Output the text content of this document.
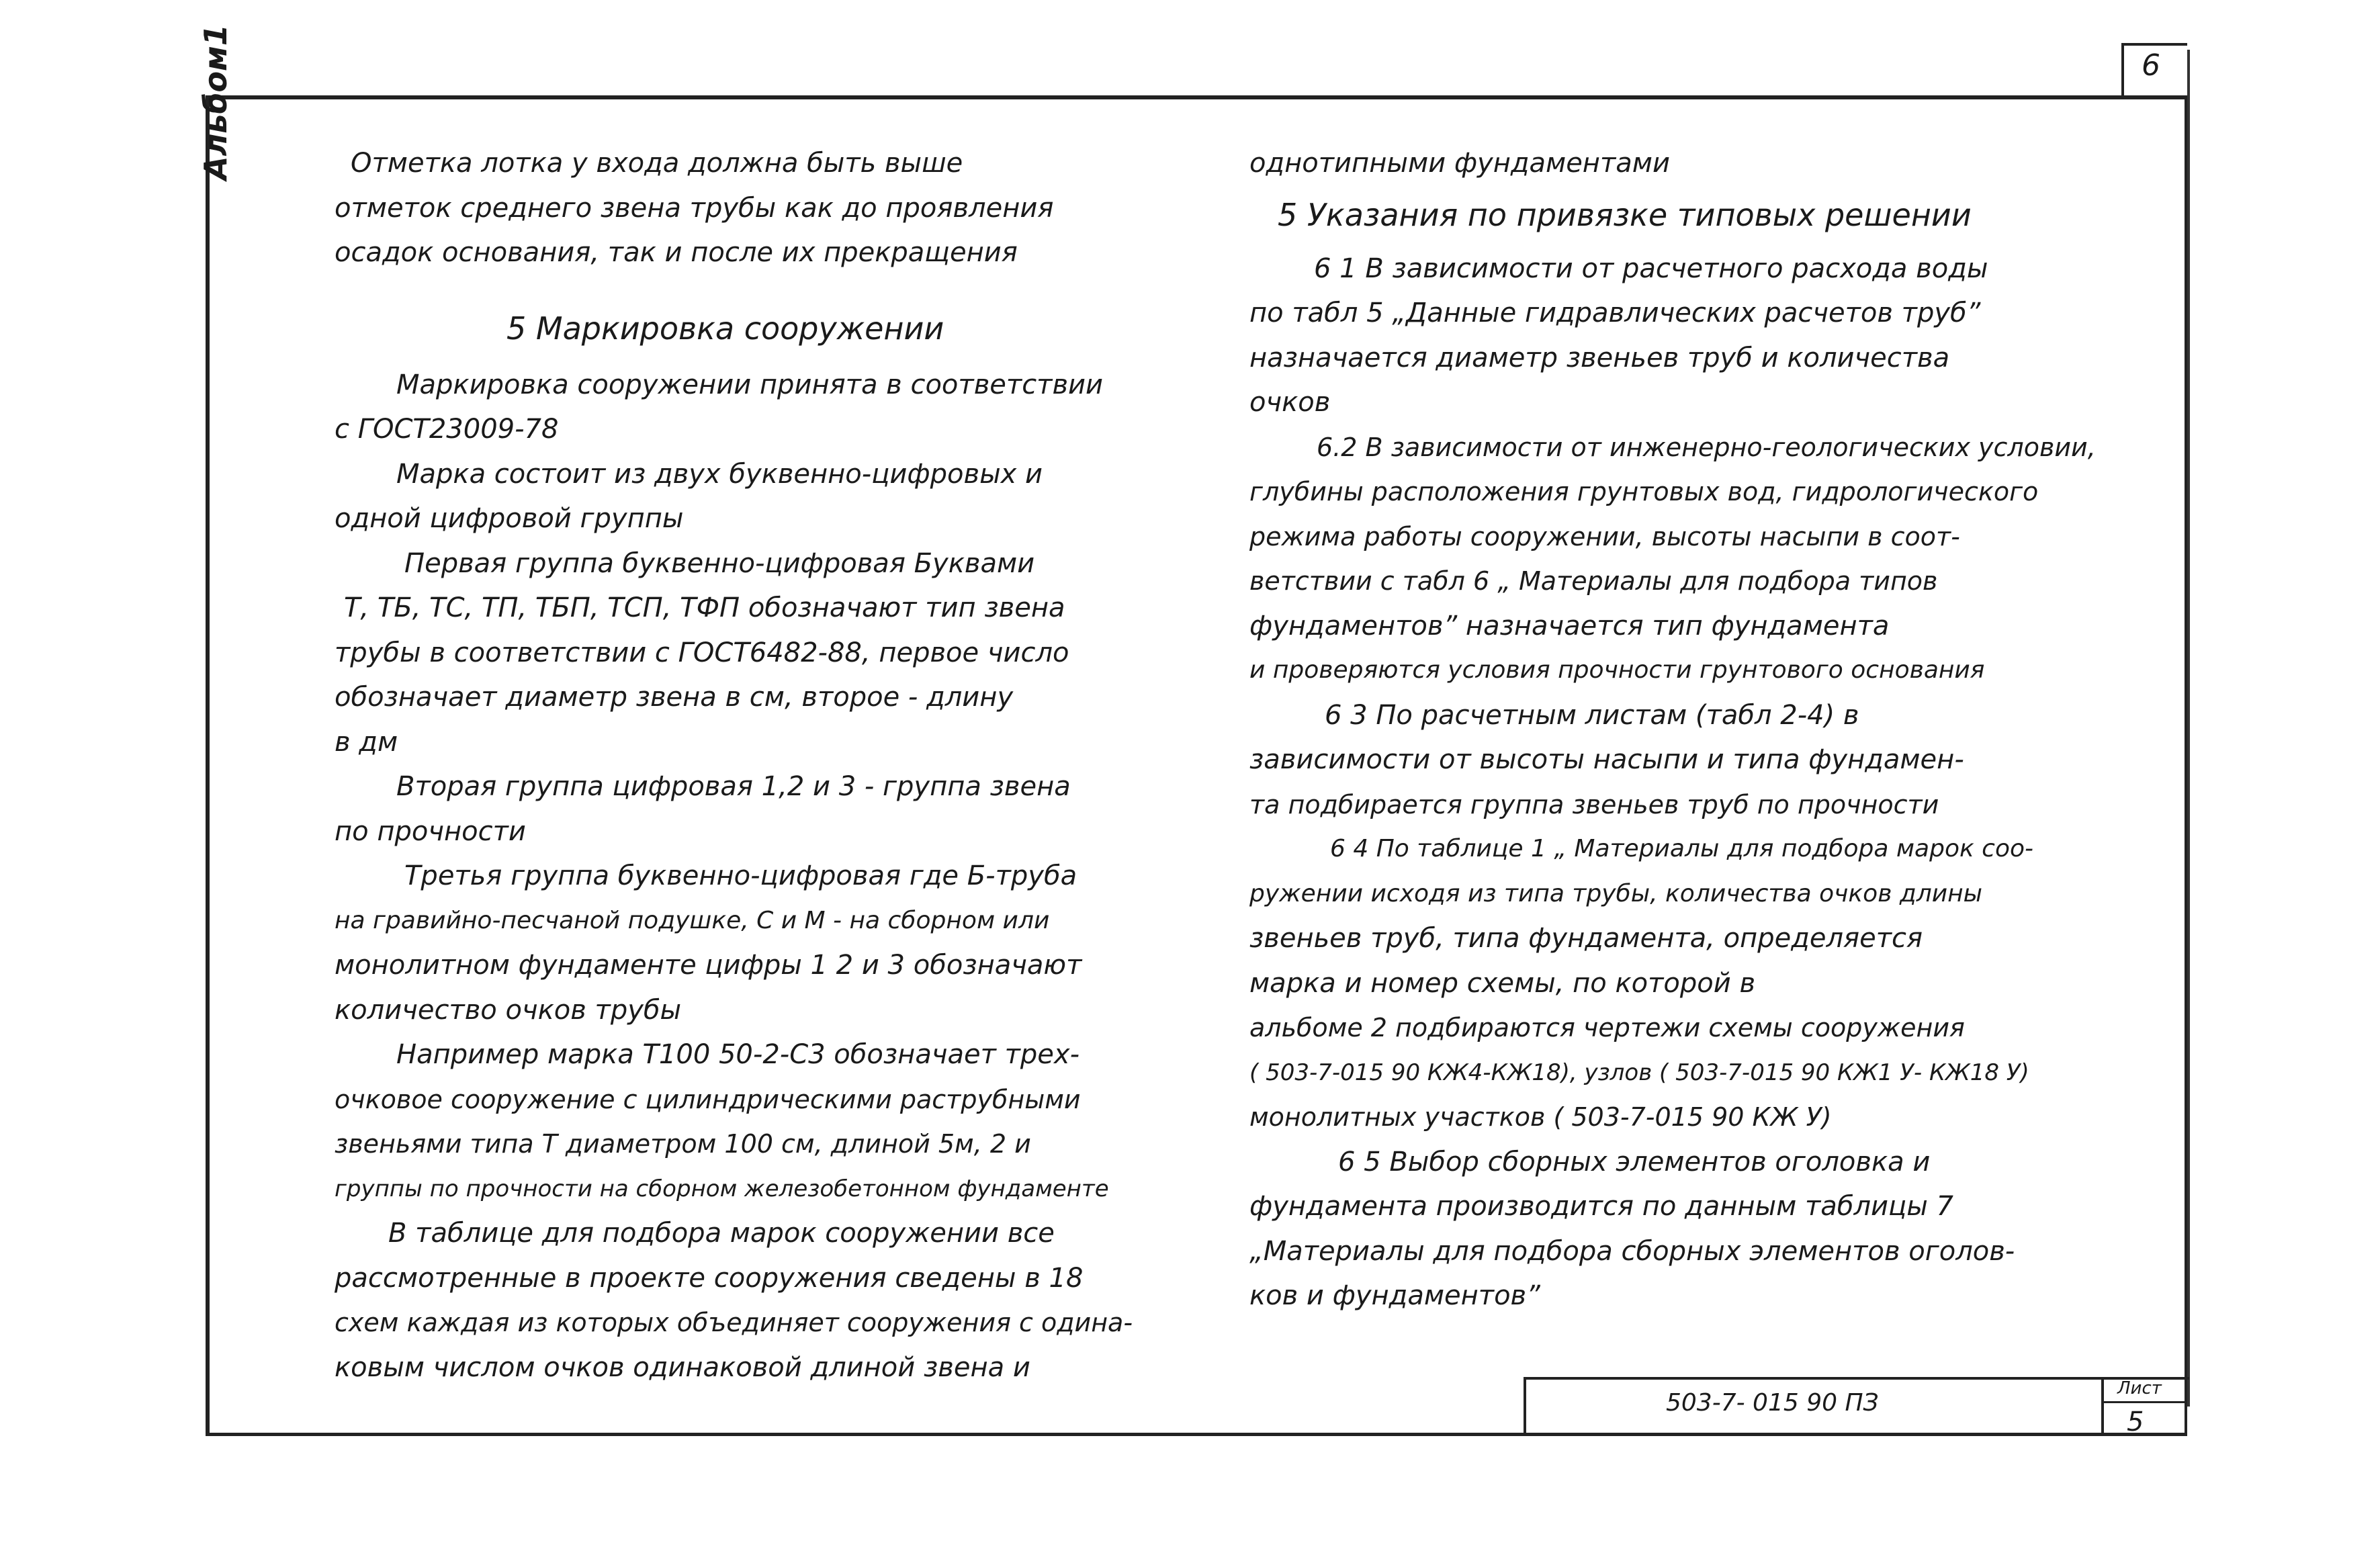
6
Альбом1	Отметка лотка у входа должна быть выше
отметок среднего звена трубы как до проявления
осадок основания, так и после их прекращения
5 Маркировка сооружении
Маркировка сооружении принята в соответствии
с ГОСТ23009-78
Марка состоит из двух буквенно-цифровых и
одной цифровой группы
Первая группа буквенно-цифровая Буквами
Т, ТБ, ТС, ТП, ТБП, ТСП, ТФП обозначают тип звена
трубы в соответствии с ГОСТ6482-88, первое число
обозначает диаметр звена в см, второе - длину
в дм
Вторая группа цифровая 1,2 и 3 - группа звена
по прочности
Третья группа буквенно-цифровая где Б-труба
на гравийно-песчаной подушке, С и М - на сборном или
монолитном фундаменте цифры 1 2 и 3 обозначают
количество очков трубы
Например марка Т100 50-2-С3 обозначает трех-
очковое сооружение с цилиндрическими раструбными
звеньями типа Т диаметром 100 см, длиной 5м, 2 и
группы по прочности на сборном железобетонном фундаменте
В таблице для подбора марок сооружении все
рассмотренные в проекте сооружения сведены в 18
схем каждая из которых объединяет сооружения с одина-
ковым числом очков одинаковой длиной звена и
однотипными фундаментами
5 Указания по привязке типовых решении
6 1 В зависимости от расчетного расхода воды
по табл 5 „Данные гидравлических расчетов труб”
назначается диаметр звеньев труб и количества
очков
6.2 В зависимости от инженерно-геологических условии,
глубины расположения грунтовых вод, гидрологического
режима работы сооружении, высоты насыпи в соот-
ветствии с табл 6 „ Материалы для подбора типов
фундаментов” назначается тип фундамента
и проверяются условия прочности грунтового основания
6 3 По расчетным листам (табл 2-4) в
зависимости от высоты насыпи и типа фундамен-
та подбирается группа звеньев труб по прочности
6 4 По таблице 1 „ Материалы для подбора марок соо-
ружении исходя из типа трубы, количества очков длины
звеньев труб, типа фундамента, определяется
марка и номер схемы, по которой в
альбоме 2 подбираются чертежи схемы сооружения
( 503-7-015 90 КЖ4-КЖ18), узлов ( 503-7-015 90 КЖ1 У- КЖ18 У)
монолитных участков ( 503-7-015 90 КЖ У)
6 5 Выбор сборных элементов оголовка и
фундамента производится по данным таблицы 7
„Материалы для подбора сборных элементов оголов-
ков и фундаментов”
503-7- 015 90 ПЗ
Лист
5
